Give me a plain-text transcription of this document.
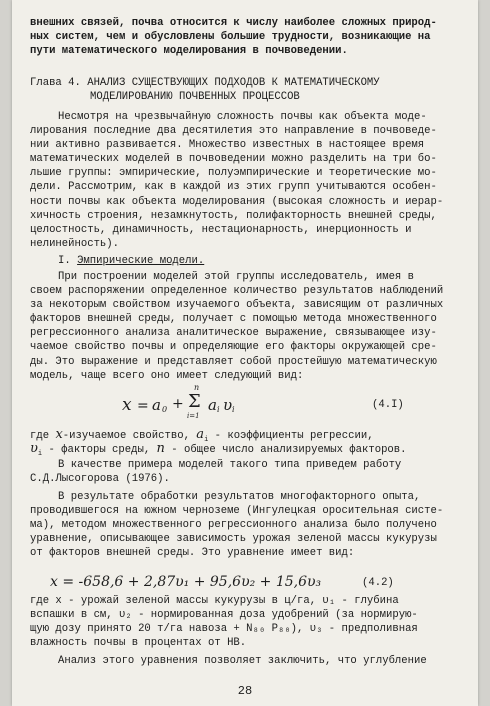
внешних связей, почва относится к числу наиболее сложных природ-
ных систем, чем и обусловлены большие трудности, возникающие на
пути математического моделирования в почвоведении.
Глава 4. АНАЛИЗ СУЩЕСТВУЮЩИХ ПОДХОДОВ К МАТЕМАТИЧЕСКОМУ
МОДЕЛИРОВАНИЮ ПОЧВЕННЫХ ПРОЦЕССОВ
Несмотря на чрезвычайную сложность почвы как объекта моде-
лирования последние два десятилетия это направление в почвоведе-
нии активно развивается. Множество известных в настоящее время
математических моделей в почвоведении можно разделить на три бо-
льшие группы: эмпирические, полуэмпирические и теоретические мо-
дели. Рассмотрим, как в каждой из этих групп учитываются особен-
ности почвы как объекта моделирования (высокая сложность и иерар-
хичность строения, незамкнутость, полифакторность внешней среды,
целостность, динамичность, нестационарность, инерционность и
нелинейность).
I. Эмпирические модели.
При построении моделей этой группы исследователь, имея в
своем распоряжении определенное количество результатов наблюдений
за некоторым свойством изучаемого объекта, зависящим от различных
факторов внешней среды, получает с помощью метода множественного
регрессионного анализа аналитическое выражение, связывающее изу-
чаемое свойство почвы и определяющие его факторы окружающей сре-
ды. Это выражение и представляет собой простейшую математическую
модель, чаще всего оно имеет следующий вид:
x = a 0 +
n
Σ
i=1
a i υ i	(4.I)
где x-изучаемое свойство, $a_i$ - коэффициенты регрессии,
$\upsilon_i$ - факторы среды, n - общее число анализируемых факторов.
В качестве примера моделей такого типа приведем работу
С.Д.Лысогорова (1976).
В результате обработки результатов многофакторного опыта,
проводившегося на южном черноземе (Ингулецкая оросительная систе-
ма), методом множественного регрессионного анализа было получено
уравнение, описывающее зависимость урожая зеленой массы кукурузы
от факторов внешней среды. Это уравнение имеет вид:
x = -658,6 + 2,87υ₁ + 95,6υ₂ + 15,6υ₃	(4.2)
где x - урожай зеленой массы кукурузы в ц/га, υ₁ - глубина
вспашки в см, υ₂ - нормированная доза удобрений (за нормирую-
щую дозу принято 20 т/га навоза + N₈₀ P₈₀), υ₃ - предполивная
влажность почвы в процентах от НВ.
Анализ этого уравнения позволяет заключить, что углубление
28
